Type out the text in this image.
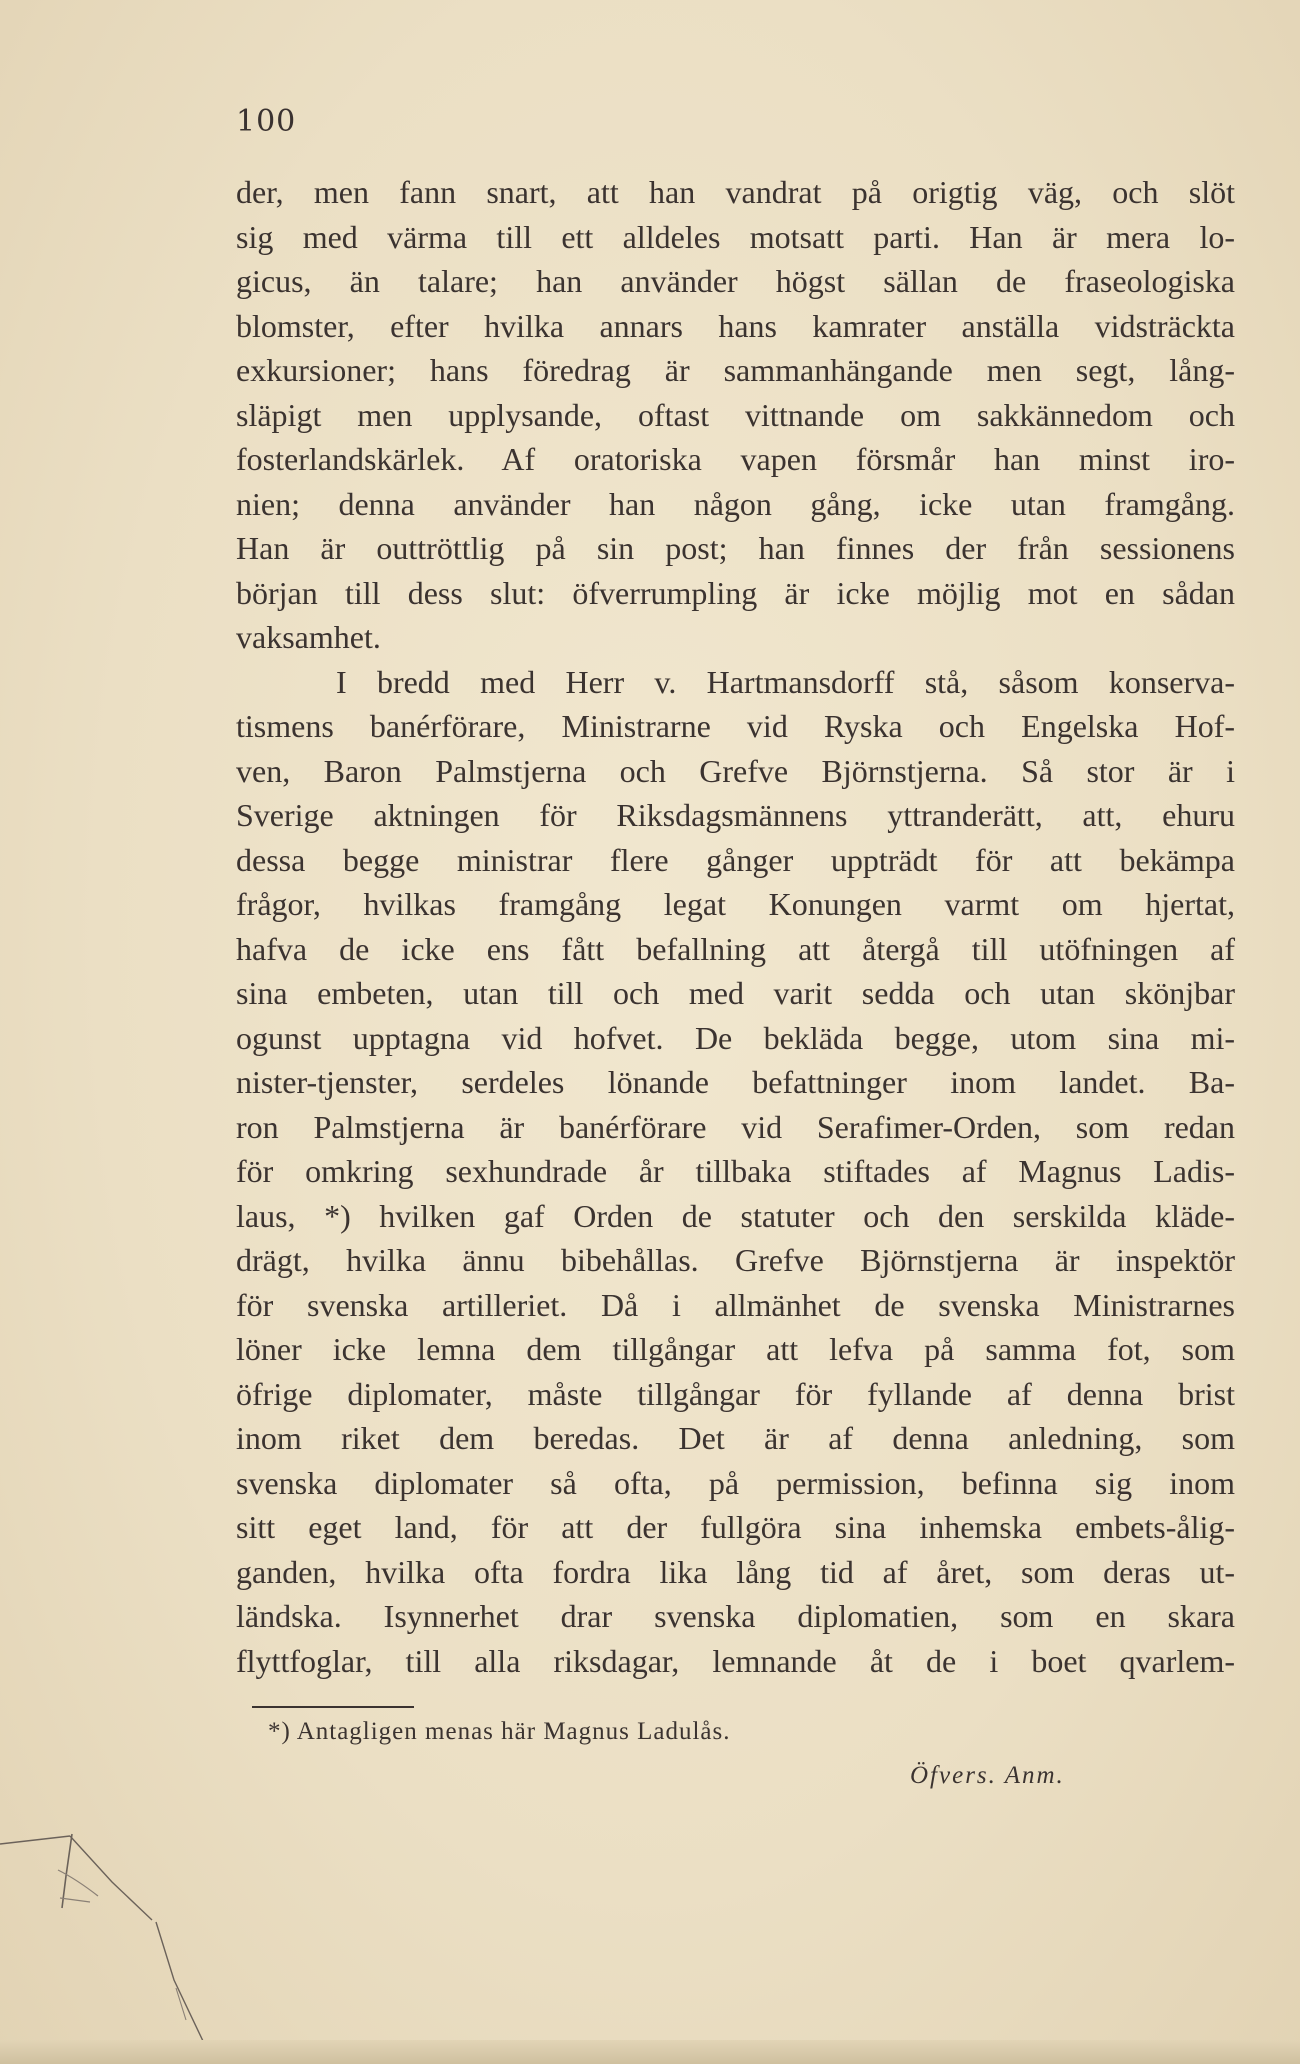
100
der, men fann snart, att han vandrat på origtig väg, och slöt
sig med värma till ett alldeles motsatt parti. Han är mera lo-
gicus, än talare; han använder högst sällan de fraseologiska
blomster, efter hvilka annars hans kamrater anställa vidsträckta
exkursioner; hans föredrag är sammanhängande men segt, lång-
släpigt men upplysande, oftast vittnande om sakkännedom och
fosterlandskärlek. Af oratoriska vapen försmår han minst iro-
nien; denna använder han någon gång, icke utan framgång.
Han är outtröttlig på sin post; han finnes der från sessionens
början till dess slut: öfverrumpling är icke möjlig mot en sådan
vaksamhet.
I bredd med Herr v. Hartmansdorff stå, såsom konserva-
tismens banérförare, Ministrarne vid Ryska och Engelska Hof-
ven, Baron Palmstjerna och Grefve Björnstjerna. Så stor är i
Sverige aktningen för Riksdagsmännens yttranderätt, att, ehuru
dessa begge ministrar flere gånger uppträdt för att bekämpa
frågor, hvilkas framgång legat Konungen varmt om hjertat,
hafva de icke ens fått befallning att återgå till utöfningen af
sina embeten, utan till och med varit sedda och utan skönjbar
ogunst upptagna vid hofvet. De bekläda begge, utom sina mi-
nister-tjenster, serdeles lönande befattninger inom landet. Ba-
ron Palmstjerna är banérförare vid Serafimer-Orden, som redan
för omkring sexhundrade år tillbaka stiftades af Magnus Ladis-
laus, *) hvilken gaf Orden de statuter och den serskilda kläde-
drägt, hvilka ännu bibehållas. Grefve Björnstjerna är inspektör
för svenska artilleriet. Då i allmänhet de svenska Ministrarnes
löner icke lemna dem tillgångar att lefva på samma fot, som
öfrige diplomater, måste tillgångar för fyllande af denna brist
inom riket dem beredas. Det är af denna anledning, som
svenska diplomater så ofta, på permission, befinna sig inom
sitt eget land, för att der fullgöra sina inhemska embets-ålig-
ganden, hvilka ofta fordra lika lång tid af året, som deras ut-
ländska. Isynnerhet drar svenska diplomatien, som en skara
flyttfoglar, till alla riksdagar, lemnande åt de i boet qvarlem-
*) Antagligen menas här Magnus Ladulås.
Öfvers. Anm.
